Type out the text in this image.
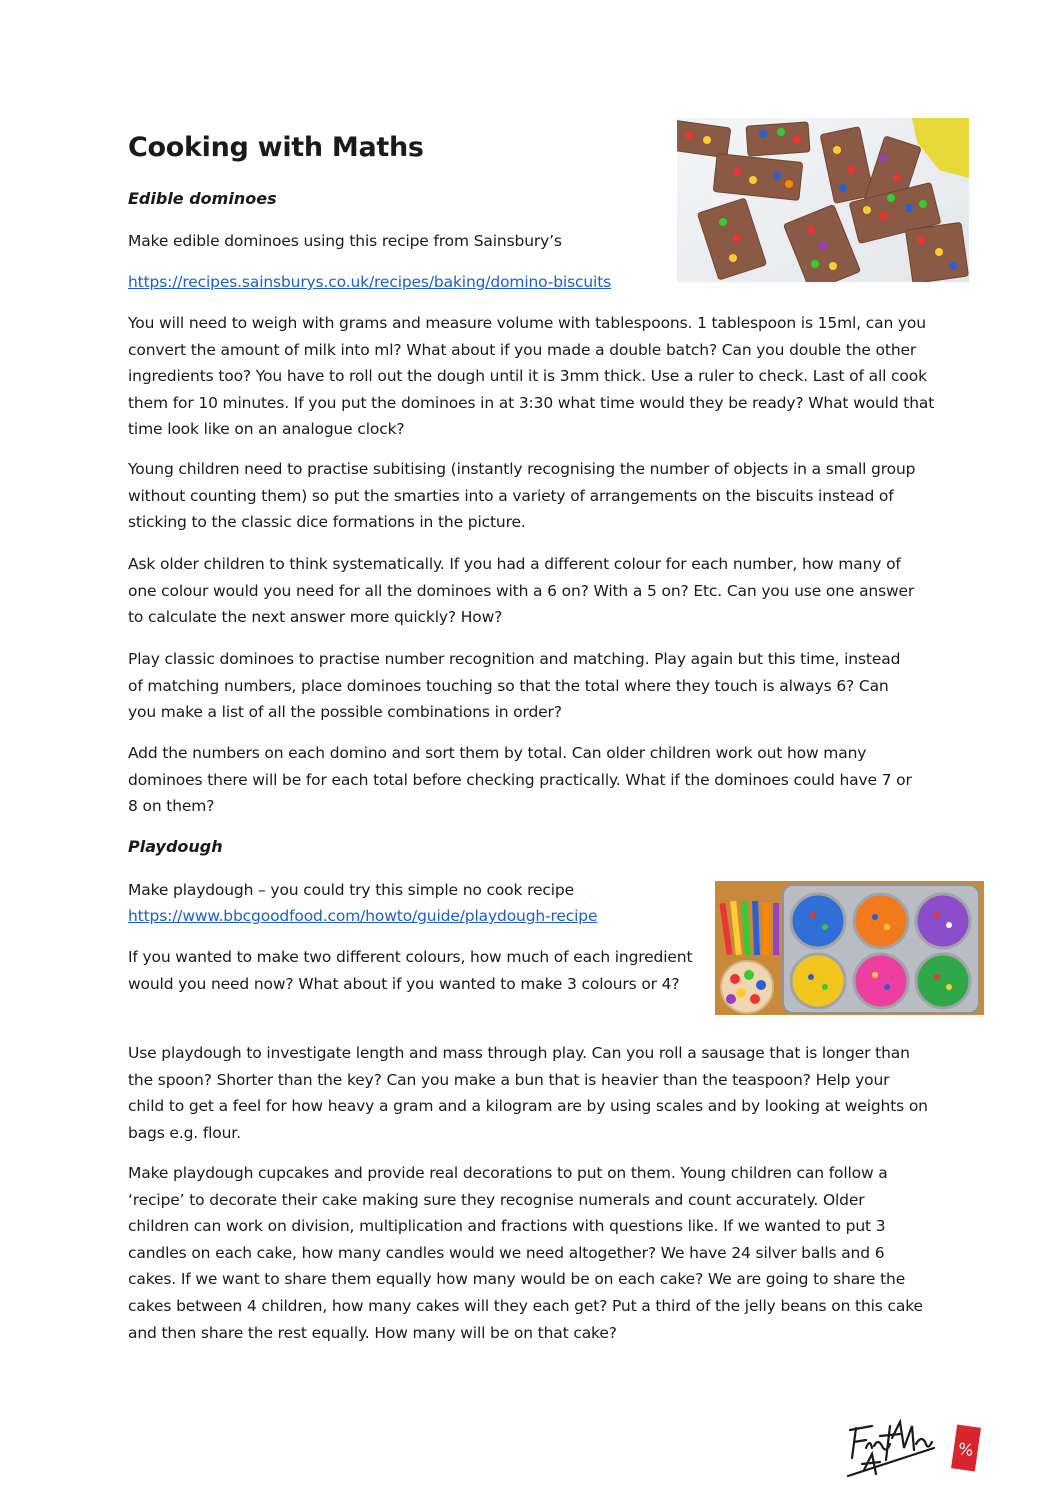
Cooking with Maths
Edible dominoes

Make edible dominoes using this recipe from Sainsbury’s

https://recipes.sainsburys.co.uk/recipes/baking/domino-biscuits

You will need to weigh with grams and measure volume with tablespoons. 1 tablespoon is 15ml, can you convert the amount of milk into ml? What about if you made a double batch? Can you double the other ingredients too? You have to roll out the dough until it is 3mm thick. Use a ruler to check. Last of all cook them for 10 minutes. If you put the dominoes in at 3:30 what time would they be ready? What would that time look like on an analogue clock?

Young children need to practise subitising (instantly recognising the number of objects in a small group without counting them) so put the smarties into a variety of arrangements on the biscuits instead of sticking to the classic dice formations in the picture.

Ask older children to think systematically. If you had a different colour for each number, how many of one colour would you need for all the dominoes with a 6 on? With a 5 on? Etc. Can you use one answer to calculate the next answer more quickly? How?

Play classic dominoes to practise number recognition and matching. Play again but this time, instead of matching numbers, place dominoes touching so that the total where they touch is always 6? Can you make a list of all the possible combinations in order?

Add the numbers on each domino and sort them by total. Can older children work out how many dominoes there will be for each total before checking practically. What if the dominoes could have 7 or 8 on them?

Playdough

Make playdough – you could try this simple no cook recipe

https://www.bbcgoodfood.com/howto/guide/playdough-recipe

If you wanted to make two different colours, how much of each ingredient would you need now? What about if you wanted to make 3 colours or 4?

Use playdough to investigate length and mass through play. Can you roll a sausage that is longer than the spoon? Shorter than the key? Can you make a bun that is heavier than the teaspoon? Help your child to get a feel for how heavy a gram and a kilogram are by using scales and by looking at weights on bags e.g. flour.

Make playdough cupcakes and provide real decorations to put on them. Young children can follow a ‘recipe’ to decorate their cake making sure they recognise numerals and count accurately. Older children can work on division, multiplication and fractions with questions like. If we wanted to put 3 candles on each cake, how many candles would we need altogether? We have 24 silver balls and 6 cakes. If we want to share them equally how many would be on each cake? We are going to share the cakes between 4 children, how many cakes will they each get? Put a third of the jelly beans on this cake and then share the rest equally. How many will be on that cake?

%
